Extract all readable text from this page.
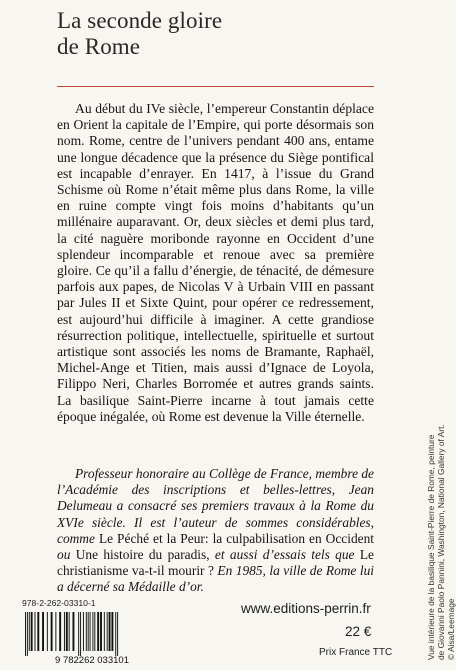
La seconde gloire
de Rome

Au début du IVe siècle, l’empereur Constantin déplace en Orient la capitale de l’Empire, qui porte désormais son nom. Rome, centre de l’univers pendant 400 ans, entame une longue décadence que la présence du Siège pontifical est incapable d’enrayer. En 1417, à l’issue du Grand Schisme où Rome n’était même plus dans Rome, la ville en ruine compte vingt fois moins d’habitants qu’un millénaire auparavant. Or, deux siècles et demi plus tard, la cité naguère moribonde rayonne en Occident d’une splendeur incomparable et renoue avec sa première gloire. Ce qu’il a fallu d’énergie, de ténacité, de démesure parfois aux papes, de Nicolas V à Urbain VIII en passant par Jules II et Sixte Quint, pour opérer ce redressement, est aujourd’hui difficile à imaginer. A cette grandiose résurrection politique, intellectuelle, spirituelle et surtout artistique sont associés les noms de Bramante, Raphaël, Michel-Ange et Titien, mais aussi d’Ignace de Loyola, Filippo Neri, Charles Borromée et autres grands saints. La basilique Saint-Pierre incarne à tout jamais cette époque inégalée, où Rome est devenue la Ville éternelle.

Professeur honoraire au Collège de France, membre de l’Académie des inscriptions et belles-lettres, Jean Delumeau a consacré ses premiers travaux à la Rome du XVIe siècle. Il est l’auteur de sommes considérables, comme Le Péché et la Peur: la culpabilisation en Occident ou Une histoire du paradis, et aussi d’essais tels que Le christianisme va-t-il mourir ? En 1985, la ville de Rome lui a décerné sa Médaille d’or.	Vue intérieure de la basilique Saint-Pierre de Rome, peinture de Giovanni Paolo Pannini, Washington, National Gallery of Art. © Aisa/Leemage
978-2-262-03310-1
9 782262 033101
www.editions-perrin.fr
22 €
Prix France TTC
